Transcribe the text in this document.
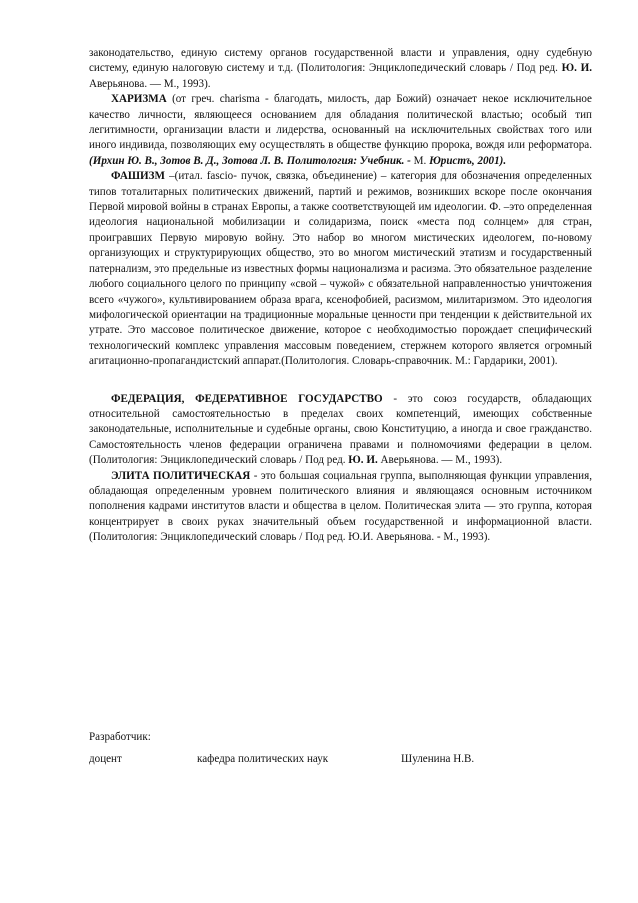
законодательство, единую систему органов государственной власти и управления, одну судебную систему, единую налоговую систему и т.д. (Политология: Энциклопедический словарь / Под ред. Ю. И. Аверьянова. — М., 1993).

ХАРИЗМА (от греч. charisma - благодать, милость, дар Божий) означает некое исключительное качество личности, являющееся основанием для обладания политической властью; особый тип легитимности, организации власти и лидерства, основанный на исключительных свойствах того или иного индивида, позволяющих ему осуществлять в обществе функцию пророка, вождя или реформатора. (Ирхин Ю. В., Зотов В. Д., Зотова Л. В. Политология: Учебник. - М. Юристъ, 2001).

ФАШИЗМ –(итал. fascio- пучок, связка, объединение) – категория для обозначения определенных типов тоталитарных политических движений, партий и режимов, возникших вскоре после окончания Первой мировой войны в странах Европы, а также соответствующей им идеологии. Ф. –это определенная идеология национальной мобилизации и солидаризма, поиск «места под солнцем» для стран, проигравших Первую мировую войну. Это набор во многом мистических идеологем, по-новому организующих и структурирующих общество, это во многом мистический этатизм и государственный патернализм, это предельные из известных формы национализма и расизма. Это обязательное разделение любого социального целого по принципу «свой – чужой» с обязательной направленностью уничтожения всего «чужого», культивированием образа врага, ксенофобией, расизмом, милитаризмом. Это идеология мифологической ориентации на традиционные моральные ценности при тенденции к действительной их утрате. Это массовое политическое движение, которое с необходимостью порождает специфический технологический комплекс управления массовым поведением, стержнем которого является огромный агитационно-пропагандистский аппарат.(Политология. Словарь-справочник. М.: Гардарики, 2001).

ФЕДЕРАЦИЯ, ФЕДЕРАТИВНОЕ ГОСУДАРСТВО - это союз государств, обладающих относительной самостоятельностью в пределах своих компетенций, имеющих собственные законодательные, исполнительные и судебные органы, свою Конституцию, а иногда и свое гражданство. Самостоятельность членов федерации ограничена правами и полномочиями федерации в целом. (Политология: Энциклопедический словарь / Под ред. Ю. И. Аверьянова. — М., 1993).

ЭЛИТА ПОЛИТИЧЕСКАЯ - это большая социальная группа, выполняющая функции управления, обладающая определенным уровнем политического влияния и являющаяся основным источником пополнения кадрами институтов власти и общества в целом. Политическая элита — это группа, которая концентрирует в своих руках значительный объем государственной и информационной власти. (Политология: Энциклопедический словарь / Под ред. Ю.И. Аверьянова. - М., 1993).

Разработчик:
доцент	кафедра политических наук	Шуленина Н.В.
